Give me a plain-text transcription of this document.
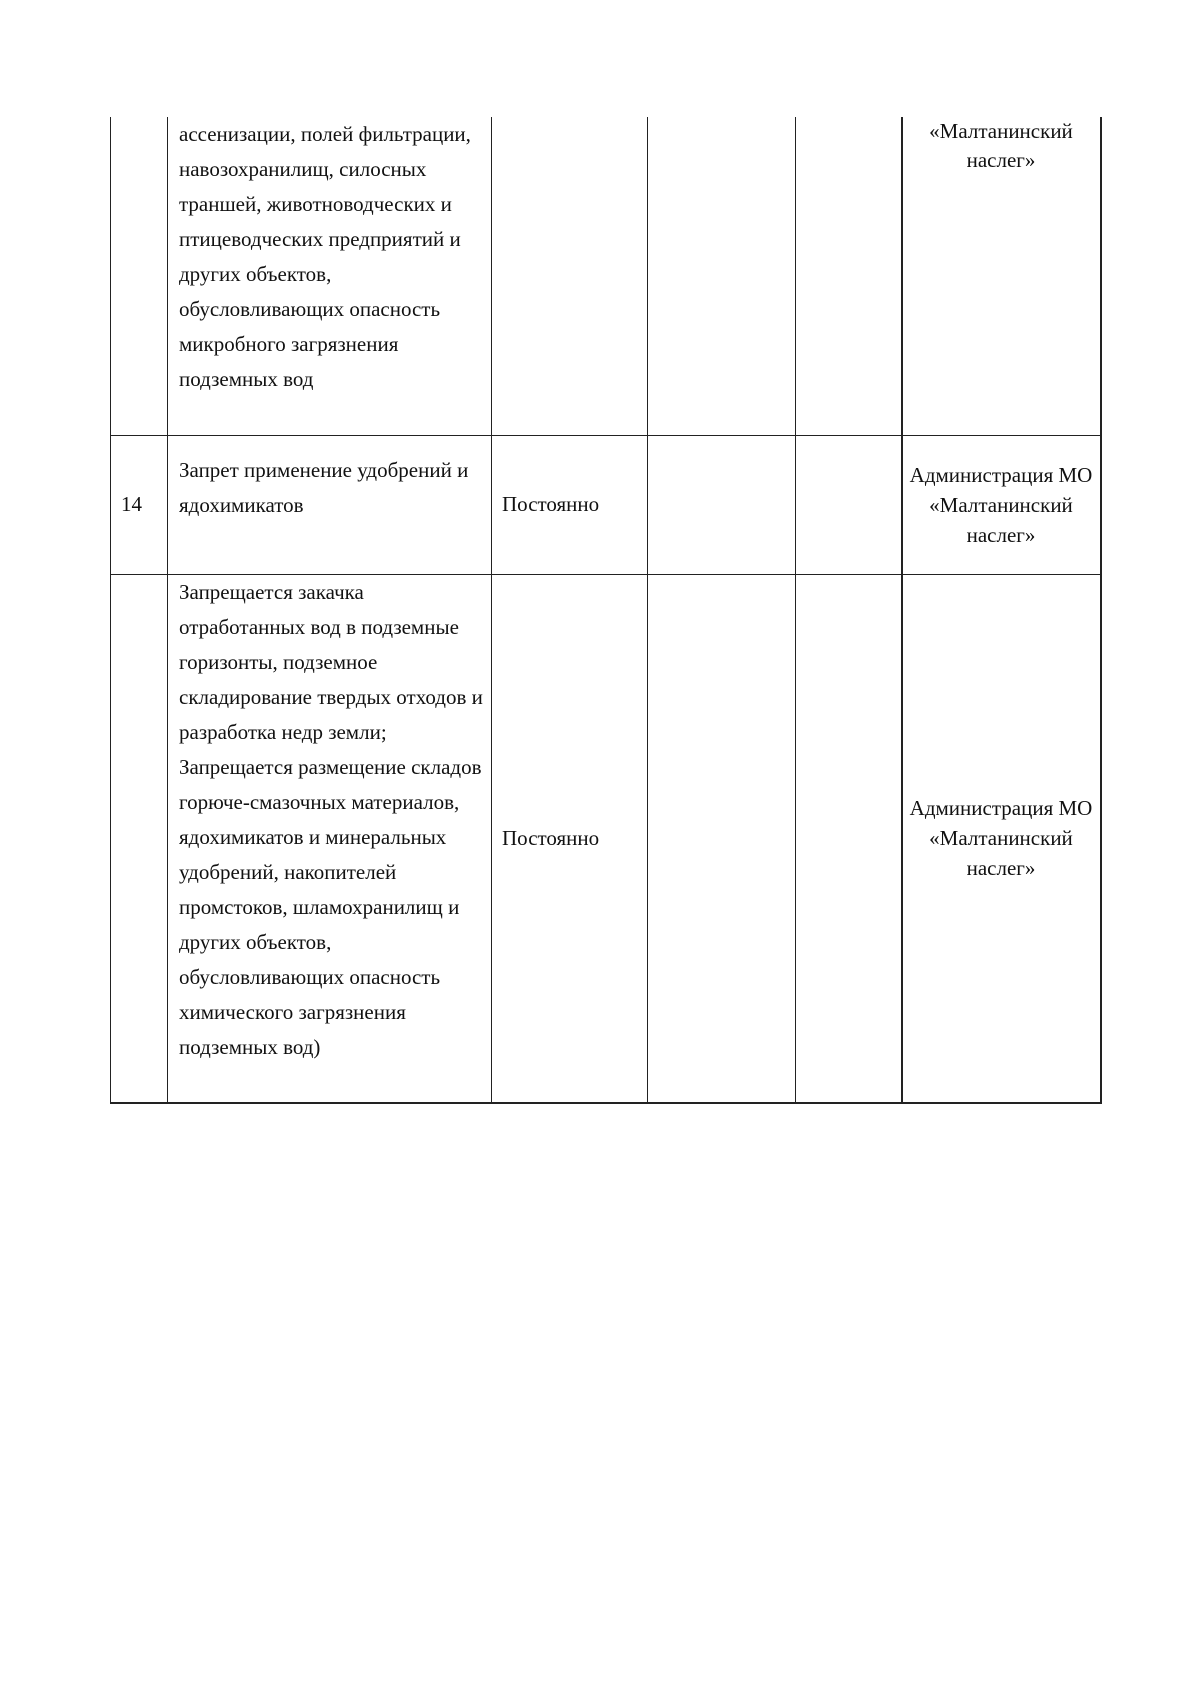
	ассенизации, полей фильтрации, навозохранилищ, силосных траншей, животноводческих и птицеводческих предприятий и других объектов, обусловливающих опасность микробного загрязнения подземных вод				«Малтанинский наслег»
14	Запрет применение удобрений и ядохимикатов	Постоянно			Администрация МО «Малтанинский наслег»
	Запрещается закачка отработанных вод в подземные горизонты, подземное складирование твердых отходов и разработка недр земли; Запрещается размещение складов горюче-смазочных материалов, ядохимикатов и минеральных удобрений, накопителей промстоков, шламохранилищ и других объектов, обусловливающих опасность химического загрязнения подземных вод)	Постоянно			Администрация МО «Малтанинский наслег»
